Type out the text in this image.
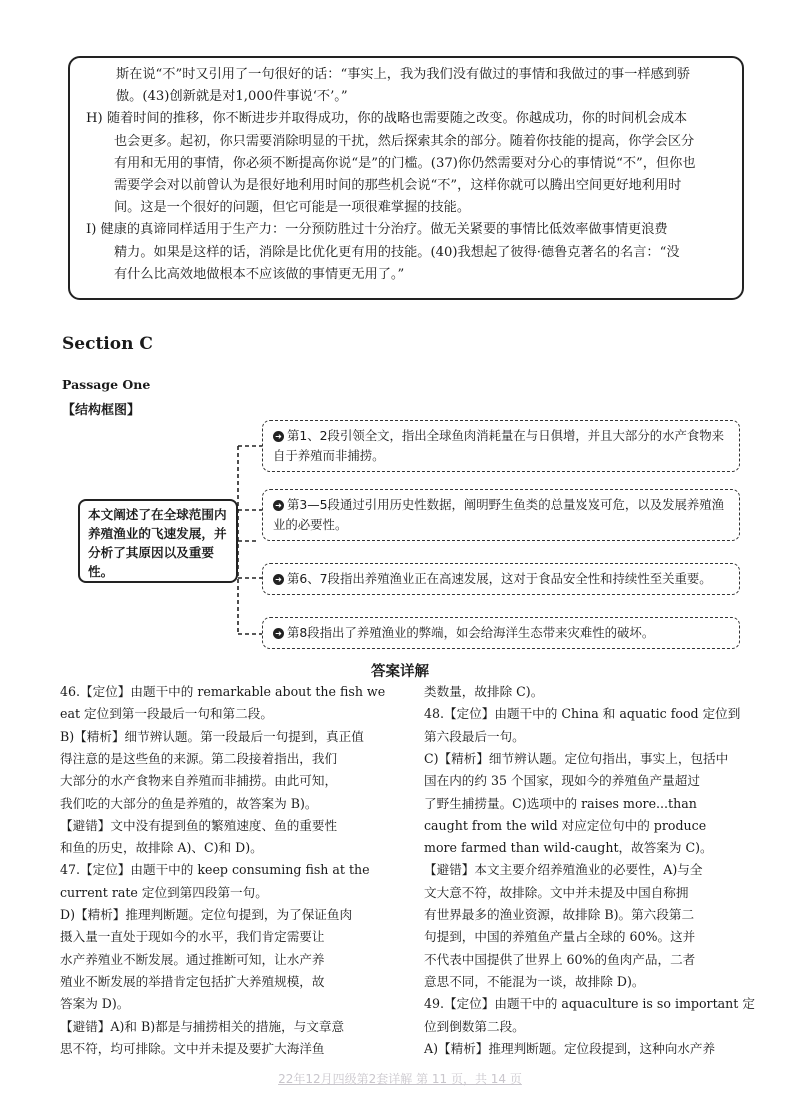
斯在说“不”时又引用了一句很好的话：“事实上，我为我们没有做过的事情和我做过的事一样感到骄
傲。(43)创新就是对1,000件事说‘不’。”
H) 随着时间的推移，你不断进步并取得成功，你的战略也需要随之改变。你越成功，你的时间机会成本
也会更多。起初，你只需要消除明显的干扰，然后探索其余的部分。随着你技能的提高，你学会区分
有用和无用的事情，你必须不断提高你说“是”的门槛。(37)你仍然需要对分心的事情说“不”，但你也
需要学会对以前曾认为是很好地利用时间的那些机会说“不”，这样你就可以腾出空间更好地利用时
间。这是一个很好的问题，但它可能是一项很难掌握的技能。
I) 健康的真谛同样适用于生产力：一分预防胜过十分治疗。做无关紧要的事情比低效率做事情更浪费
精力。如果是这样的话，消除是比优化更有用的技能。(40)我想起了彼得·德鲁克著名的名言：“没
有什么比高效地做根本不应该做的事情更无用了。”
Section C
Passage One
【结构框图】
本文阐述了在全球范围内养殖渔业的飞速发展，并分析了其原因以及重要性。
➜ 第1、2段引领全文，指出全球鱼肉消耗量在与日俱增，并且大部分的水产食物来自于养殖而非捕捞。
➜ 第3—5段通过引用历史性数据，阐明野生鱼类的总量岌岌可危，以及发展养殖渔业的必要性。
➜ 第6、7段指出养殖渔业正在高速发展，这对于食品安全性和持续性至关重要。
➜ 第8段指出了养殖渔业的弊端，如会给海洋生态带来灾难性的破坏。
答案详解
46.【定位】由题干中的 remarkable about the fish we
eat 定位到第一段最后一句和第二段。
B)【精析】细节辨认题。第一段最后一句提到，真正值
得注意的是这些鱼的来源。第二段接着指出，我们
大部分的水产食物来自养殖而非捕捞。由此可知，
我们吃的大部分的鱼是养殖的，故答案为 B)。
【避错】文中没有提到鱼的繁殖速度、鱼的重要性
和鱼的历史，故排除 A)、C)和 D)。
47.【定位】由题干中的 keep consuming fish at the
current rate 定位到第四段第一句。
D)【精析】推理判断题。定位句提到，为了保证鱼肉
摄入量一直处于现如今的水平，我们肯定需要让
水产养殖业不断发展。通过推断可知，让水产养
殖业不断发展的举措肯定包括扩大养殖规模，故
答案为 D)。
【避错】A)和 B)都是与捕捞相关的措施，与文章意
思不符，均可排除。文中并未提及要扩大海洋鱼
类数量，故排除 C)。
48.【定位】由题干中的 China 和 aquatic food 定位到
第六段最后一句。
C)【精析】细节辨认题。定位句指出，事实上，包括中
国在内的约 35 个国家，现如今的养殖鱼产量超过
了野生捕捞量。C)选项中的 raises more...than
caught from the wild 对应定位句中的 produce
more farmed than wild-caught，故答案为 C)。
【避错】本文主要介绍养殖渔业的必要性，A)与全
文大意不符，故排除。文中并未提及中国自称拥
有世界最多的渔业资源，故排除 B)。第六段第二
句提到，中国的养殖鱼产量占全球的 60%。这并
不代表中国提供了世界上 60%的鱼肉产品，二者
意思不同，不能混为一谈，故排除 D)。
49.【定位】由题干中的 aquaculture is so important 定
位到倒数第二段。
A)【精析】推理判断题。定位段提到，这种向水产养
22年12月四级第2套详解 第 11 页，共 14 页
